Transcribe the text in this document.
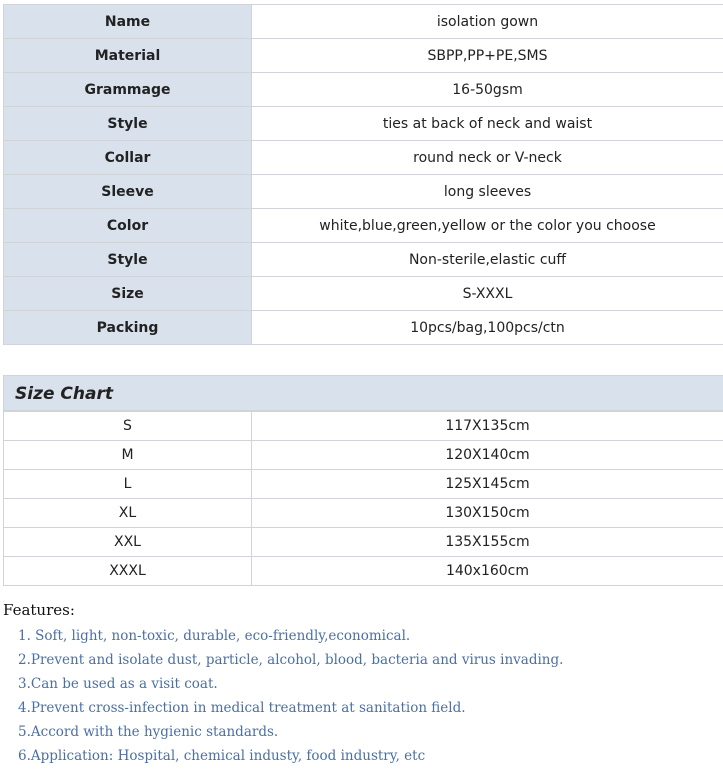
Name	isolation gown
Material	SBPP,PP+PE,SMS
Grammage	16-50gsm
Style	ties at back of neck and waist
Collar	round neck or V-neck
Sleeve	long sleeves
Color	white,blue,green,yellow or the color you choose
Style	Non-sterile,elastic cuff
Size	S-XXXL
Packing	10pcs/bag,100pcs/ctn
Size Chart
S	117X135cm
M	120X140cm
L	125X145cm
XL	130X150cm
XXL	135X155cm
XXXL	140x160cm
Features:
1. Soft, light, non-toxic, durable, eco-friendly,economical.
2.Prevent and isolate dust, particle, alcohol, blood, bacteria and virus invading.
3.Can be used as a visit coat.
4.Prevent cross-infection in medical treatment at sanitation field.
5.Accord with the hygienic standards.
6.Application: Hospital, chemical industy, food industry, etc
